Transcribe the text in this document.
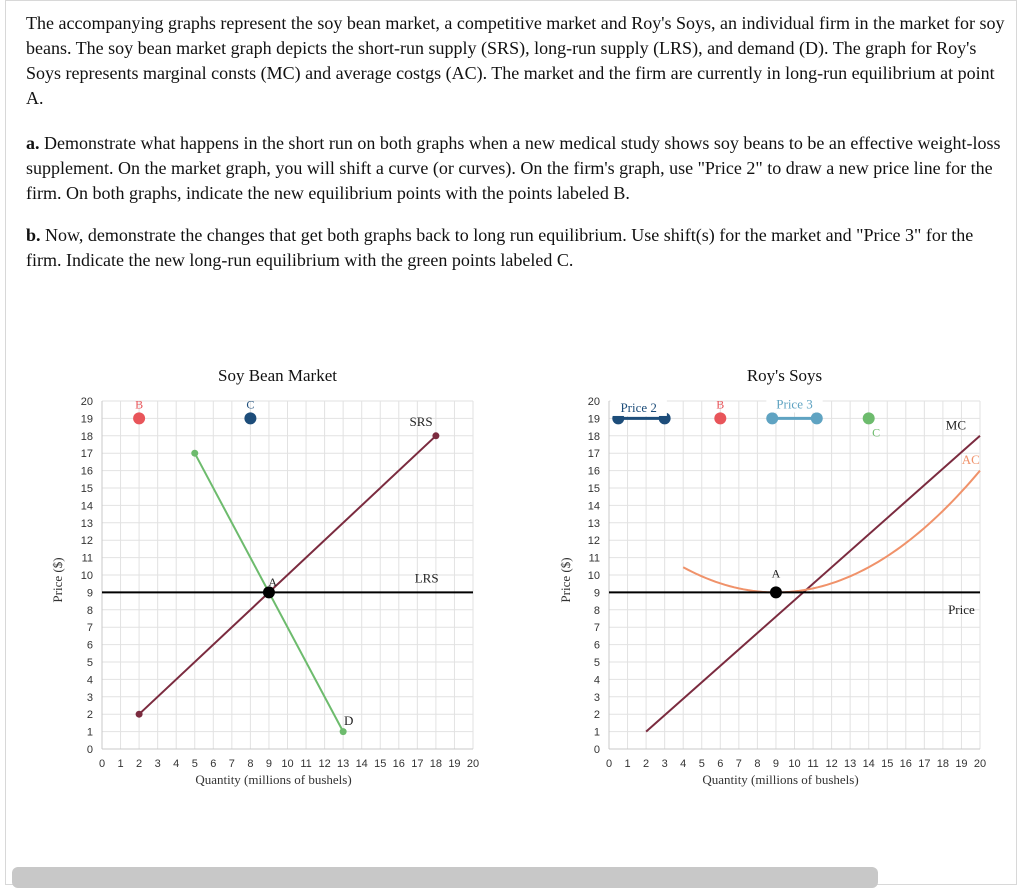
The accompanying graphs represent the soy bean market, a competitive market and Roy's Soys, an individual firm in the market for soy beans. The soy bean market graph depicts the short-run supply (SRS), long-run supply (LRS), and demand (D). The graph for Roy's Soys represents marginal consts (MC) and average costgs (AC). The market and the firm are currently in long-run equilibrium at point A.

a. Demonstrate what happens in the short run on both graphs when a new medical study shows soy beans to be an effective weight-loss supplement. On the market graph, you will shift a curve (or curves). On the firm's graph, use "Price 2" to draw a new price line for the firm. On both graphs, indicate the new equilibrium points with the points labeled B.

b. Now, demonstrate the changes that get both graphs back to long run equilibrium. Use shift(s) for the market and "Price 3" for the firm. Indicate the new long-run equilibrium with the green points labeled C.

0
1
2
3
4
5
6
7
8
9
10
11
12
13
14
15
16
17
18
19
20
0 1 2 3 4 5 6 7 8 9 10 11 12 13 14 15 16 17 18 19 20
Soy Bean Market
Quantity (millions of bushels)
Price ($)
SRS
D
LRS
A
B	C
0
1
2
3
4
5
6
7
8
9
10
11
12
13
14
15
16
17
18
19
20
0 1 2 3 4 5 6 7 8 9 10 11 12 13 14 15 16 17 18 19 20
Roy's Soys
Quantity (millions of bushels)
Price ($)
MC
AC
Price
Price 2	Price 3
A
B
C
